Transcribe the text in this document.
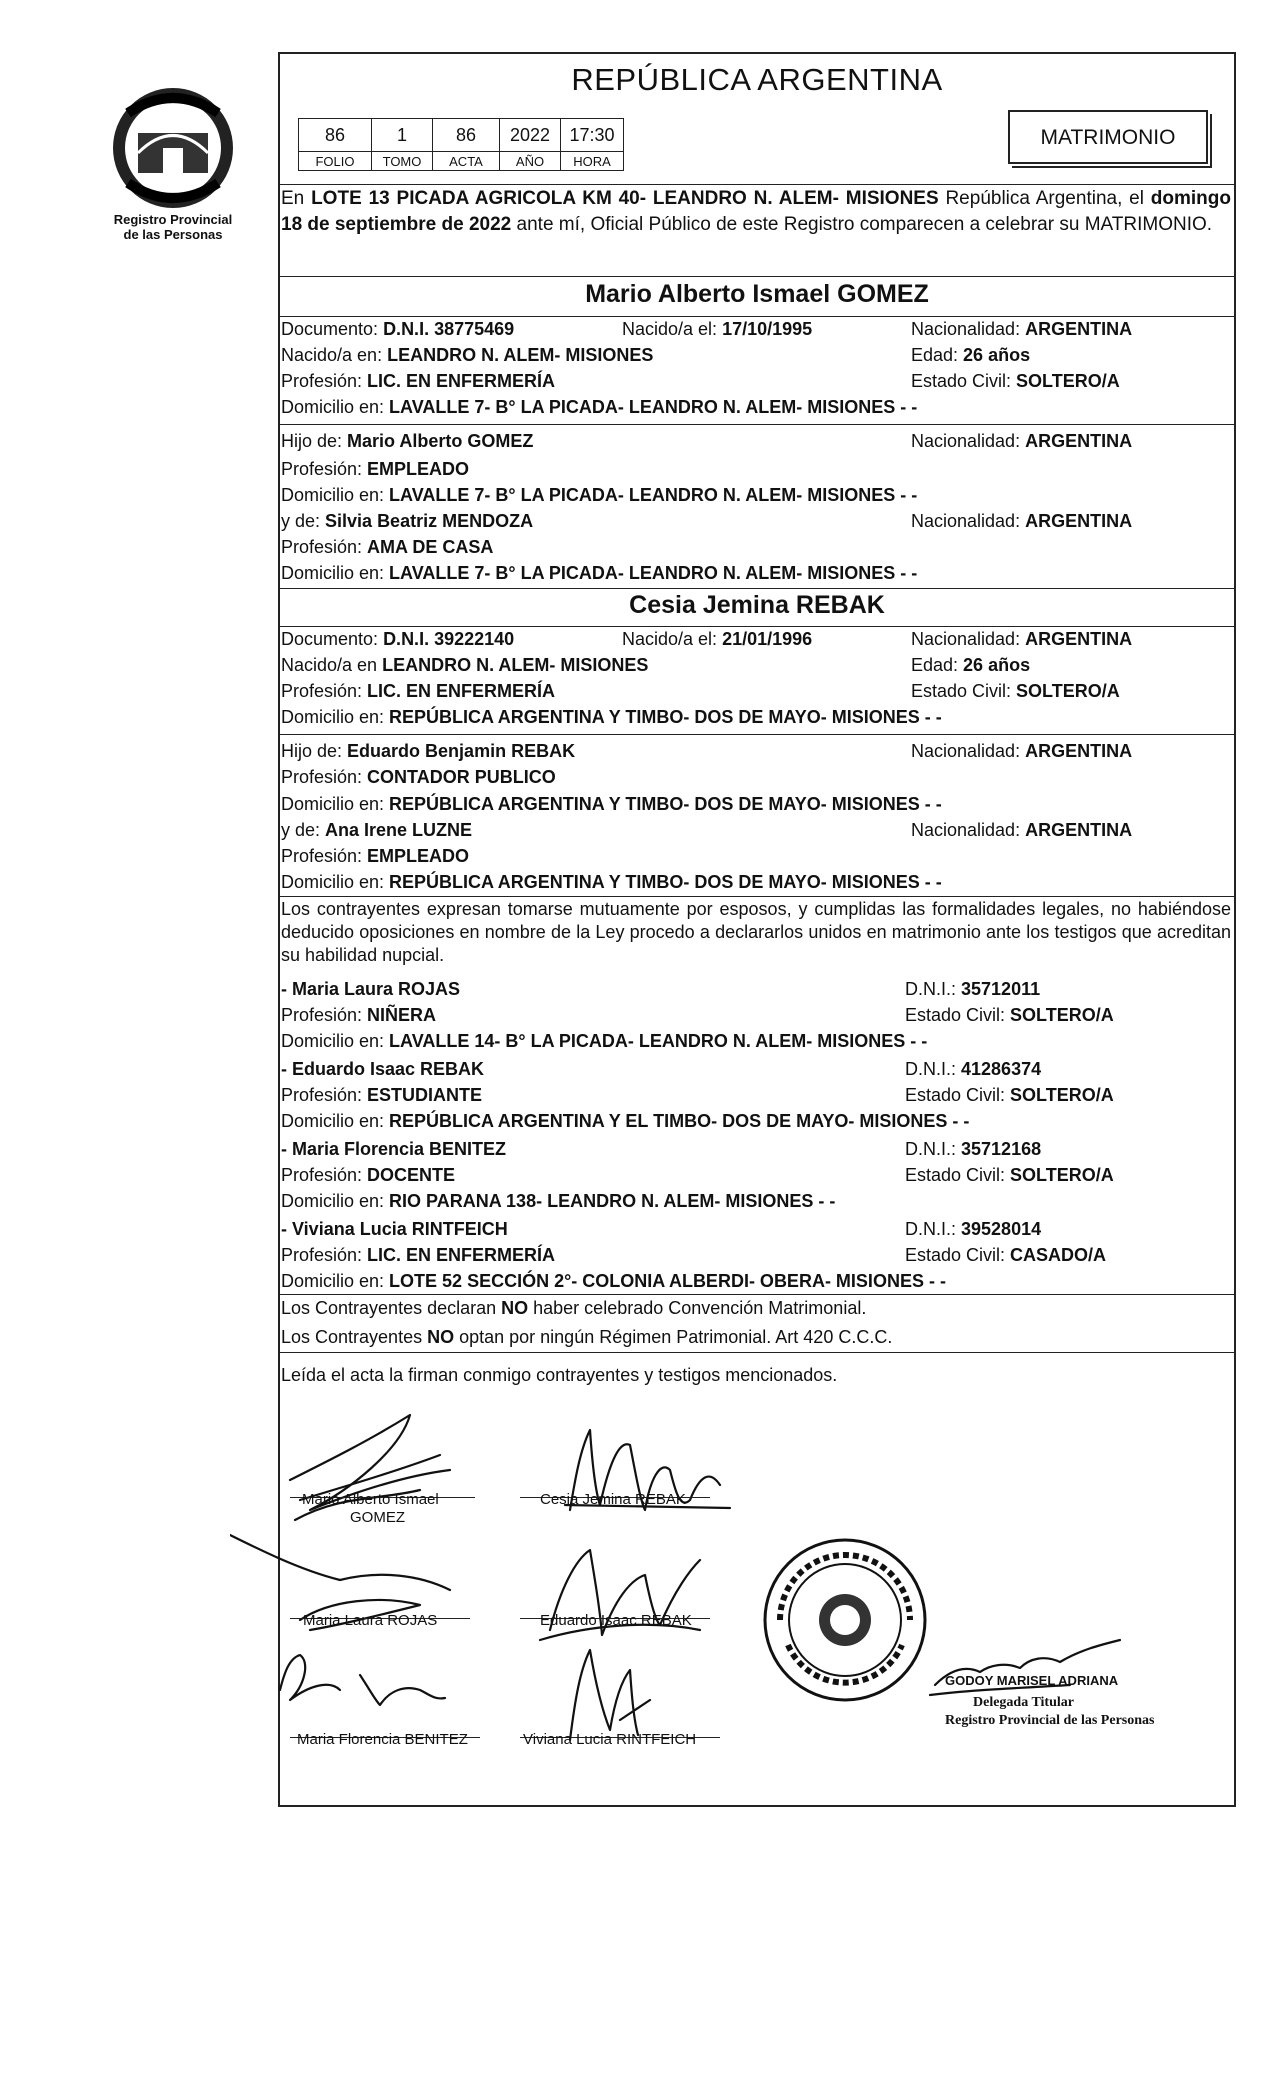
Registro Provincial
de las Personas
REPÚBLICA ARGENTINA
86	1	86	2022	17:30
FOLIO	TOMO	ACTA	AÑO	HORA
MATRIMONIO
En LOTE 13 PICADA AGRICOLA KM 40- LEANDRO N. ALEM- MISIONES República Argentina, el domingo 18 de septiembre de 2022 ante mí, Oficial Público de este Registro comparecen a celebrar su MATRIMONIO.
Mario Alberto Ismael GOMEZ
Documento: D.N.I. 38775469	Nacido/a el: 17/10/1995	Nacionalidad: ARGENTINA
Nacido/a en: LEANDRO N. ALEM- MISIONES	Edad: 26 años
Profesión: LIC. EN ENFERMERÍA	Estado Civil: SOLTERO/A
Domicilio en: LAVALLE 7- B° LA PICADA- LEANDRO N. ALEM- MISIONES - -
Hijo de: Mario Alberto GOMEZ	Nacionalidad: ARGENTINA
Profesión: EMPLEADO
Domicilio en: LAVALLE 7- B° LA PICADA- LEANDRO N. ALEM- MISIONES - -
y de: Silvia Beatriz MENDOZA	Nacionalidad: ARGENTINA
Profesión: AMA DE CASA
Domicilio en: LAVALLE 7- B° LA PICADA- LEANDRO N. ALEM- MISIONES - -
Cesia Jemina REBAK
Documento: D.N.I. 39222140	Nacido/a el: 21/01/1996	Nacionalidad: ARGENTINA
Nacido/a en LEANDRO N. ALEM- MISIONES	Edad: 26 años
Profesión: LIC. EN ENFERMERÍA	Estado Civil: SOLTERO/A
Domicilio en: REPÚBLICA ARGENTINA Y TIMBO- DOS DE MAYO- MISIONES - -
Hijo de: Eduardo Benjamin REBAK	Nacionalidad: ARGENTINA
Profesión: CONTADOR PUBLICO
Domicilio en: REPÚBLICA ARGENTINA Y TIMBO- DOS DE MAYO- MISIONES - -
y de: Ana Irene LUZNE	Nacionalidad: ARGENTINA
Profesión: EMPLEADO
Domicilio en: REPÚBLICA ARGENTINA Y TIMBO- DOS DE MAYO- MISIONES - -
Los contrayentes expresan tomarse mutuamente por esposos, y cumplidas las formalidades legales, no habiéndose deducido oposiciones en nombre de la Ley procedo a declararlos unidos en matrimonio ante los testigos que acreditan su habilidad nupcial.
- Maria Laura ROJAS	D.N.I.: 35712011
Profesión: NIÑERA	Estado Civil: SOLTERO/A
Domicilio en: LAVALLE 14- B° LA PICADA- LEANDRO N. ALEM- MISIONES - -
- Eduardo Isaac REBAK	D.N.I.: 41286374
Profesión: ESTUDIANTE	Estado Civil: SOLTERO/A
Domicilio en: REPÚBLICA ARGENTINA Y EL TIMBO- DOS DE MAYO- MISIONES - -
- Maria Florencia BENITEZ	D.N.I.: 35712168
Profesión: DOCENTE	Estado Civil: SOLTERO/A
Domicilio en: RIO PARANA 138- LEANDRO N. ALEM- MISIONES - -
- Viviana Lucia RINTFEICH	D.N.I.: 39528014
Profesión: LIC. EN ENFERMERÍA	Estado Civil: CASADO/A
Domicilio en: LOTE 52 SECCIÓN 2°- COLONIA ALBERDI- OBERA- MISIONES - -
Los Contrayentes declaran NO haber celebrado Convención Matrimonial.
Los Contrayentes NO optan por ningún Régimen Patrimonial. Art 420 C.C.C.
Leída el acta la firman conmigo contrayentes y testigos mencionados.
Mario Alberto Ismael
GOMEZ
Cesia Jemina REBAK
Maria Laura ROJAS	Eduardo Isaac REBAK
Maria Florencia BENITEZ	Viviana Lucia RINTFEICH
GODOY MARISEL ADRIANA
Delegada Titular
Registro Provincial de las Personas
